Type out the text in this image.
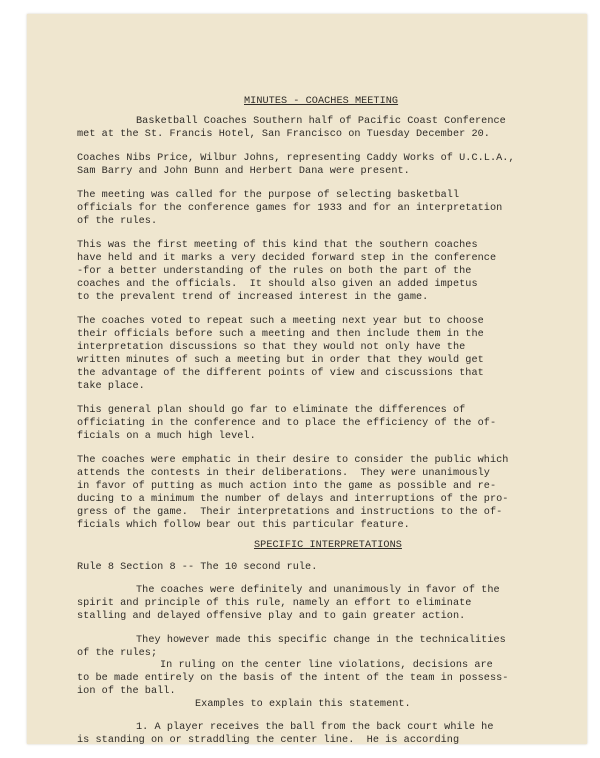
MINUTES - COACHES MEETING
Basketball Coaches Southern half of Pacific Coast Conference
met at the St. Francis Hotel, San Francisco on Tuesday December 20.
Coaches Nibs Price, Wilbur Johns, representing Caddy Works of U.C.L.A.,
Sam Barry and John Bunn and Herbert Dana were present.
The meeting was called for the purpose of selecting basketball
officials for the conference games for 1933 and for an interpretation
of the rules.
This was the first meeting of this kind that the southern coaches
have held and it marks a very decided forward step in the conference
-for a better understanding of the rules on both the part of the
coaches and the officials.  It should also given an added impetus
to the prevalent trend of increased interest in the game.
The coaches voted to repeat such a meeting next year but to choose
their officials before such a meeting and then include them in the
interpretation discussions so that they would not only have the
written minutes of such a meeting but in order that they would get
the advantage of the different points of view and ciscussions that
take place.
This general plan should go far to eliminate the differences of
officiating in the conference and to place the efficiency of the of-
ficials on a much high level.
The coaches were emphatic in their desire to consider the public which
attends the contests in their deliberations.  They were unanimously
in favor of putting as much action into the game as possible and re-
ducing to a minimum the number of delays and interruptions of the pro-
gress of the game.  Their interpretations and instructions to the of-
ficials which follow bear out this particular feature.
SPECIFIC INTERPRETATIONS
Rule 8 Section 8 -- The 10 second rule.
The coaches were definitely and unanimously in favor of the
spirit and principle of this rule, namely an effort to eliminate
stalling and delayed offensive play and to gain greater action.
They however made this specific change in the technicalities
of the rules;
In ruling on the center line violations, decisions are
to be made entirely on the basis of the intent of the team in possess-
ion of the ball.
Examples to explain this statement.
1. A player receives the ball from the back court while he
is standing on or straddling the center line.  He is according
